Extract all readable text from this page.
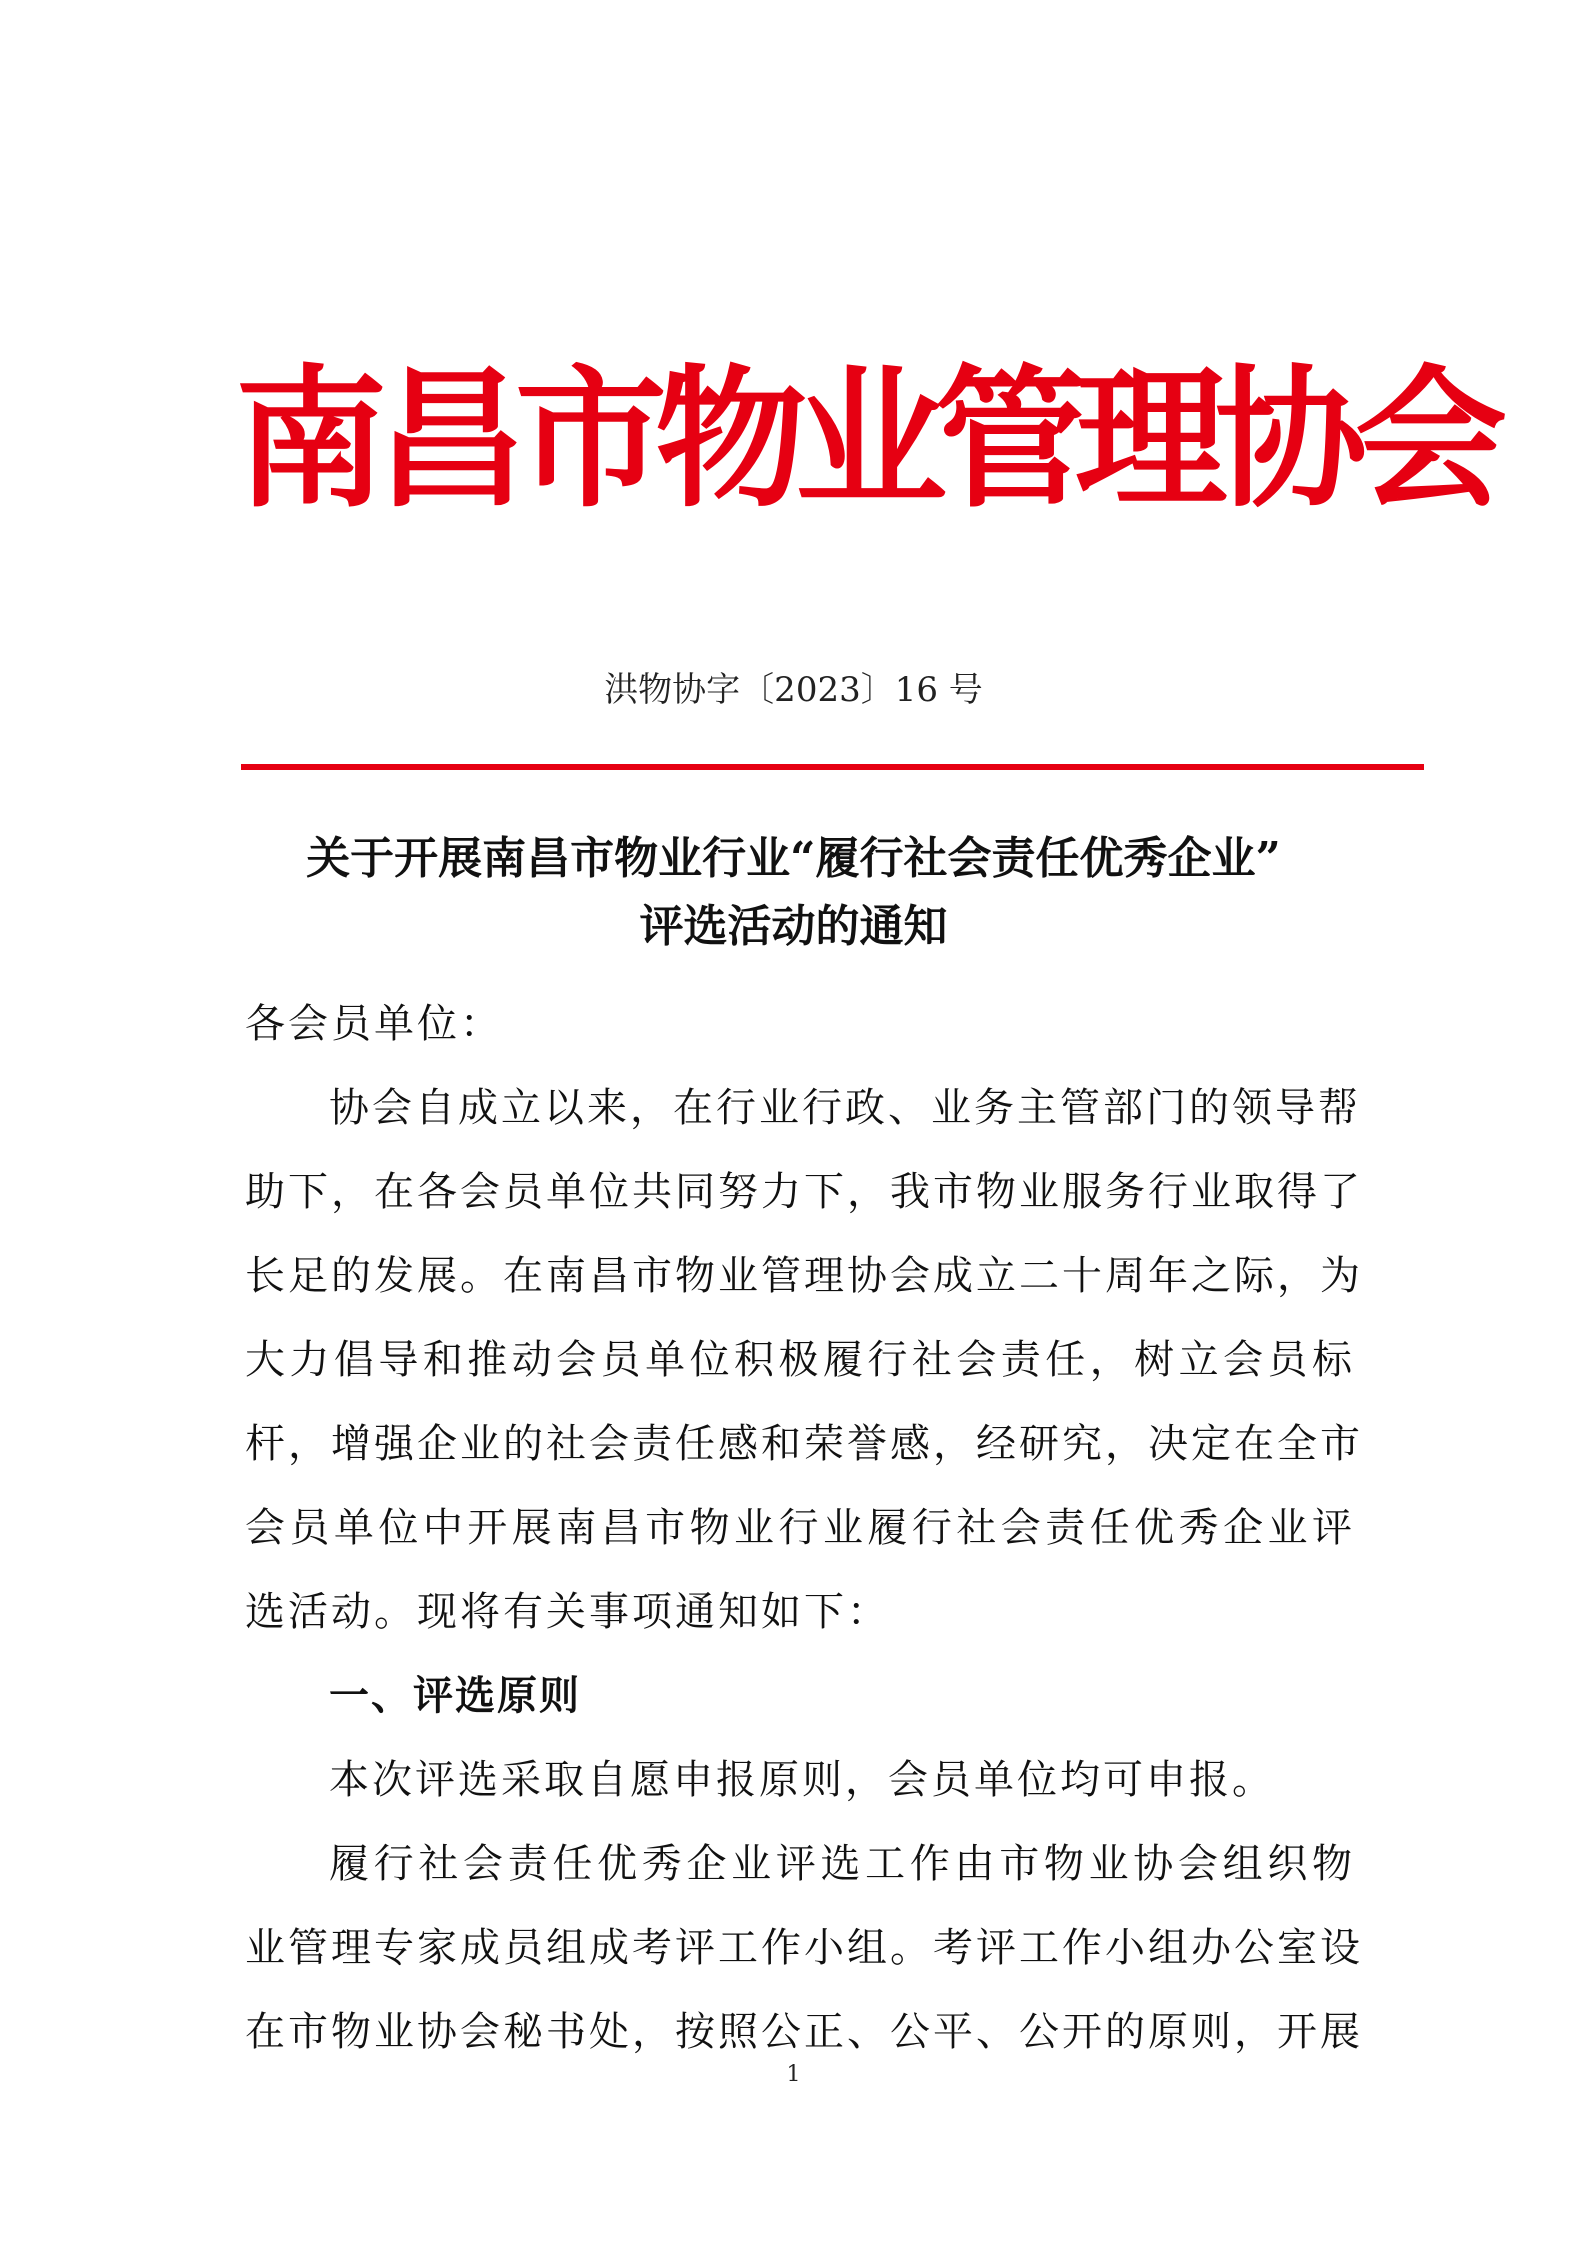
南昌市物业管理协会
洪物协字〔2023〕16 号
关于开展南昌市物业行业“履行社会责任优秀企业”
评选活动的通知
各会员单位：
协会自成立以来，在行业行政、业务主管部门的领导帮
助下，在各会员单位共同努力下，我市物业服务行业取得了
长足的发展。在南昌市物业管理协会成立二十周年之际，为
大力倡导和推动会员单位积极履行社会责任，树立会员标
杆，增强企业的社会责任感和荣誉感，经研究，决定在全市
会员单位中开展南昌市物业行业履行社会责任优秀企业评
选活动。现将有关事项通知如下：
一、评选原则
本次评选采取自愿申报原则，会员单位均可申报。
履行社会责任优秀企业评选工作由市物业协会组织物
业管理专家成员组成考评工作小组。考评工作小组办公室设
在市物业协会秘书处，按照公正、公平、公开的原则，开展
1
